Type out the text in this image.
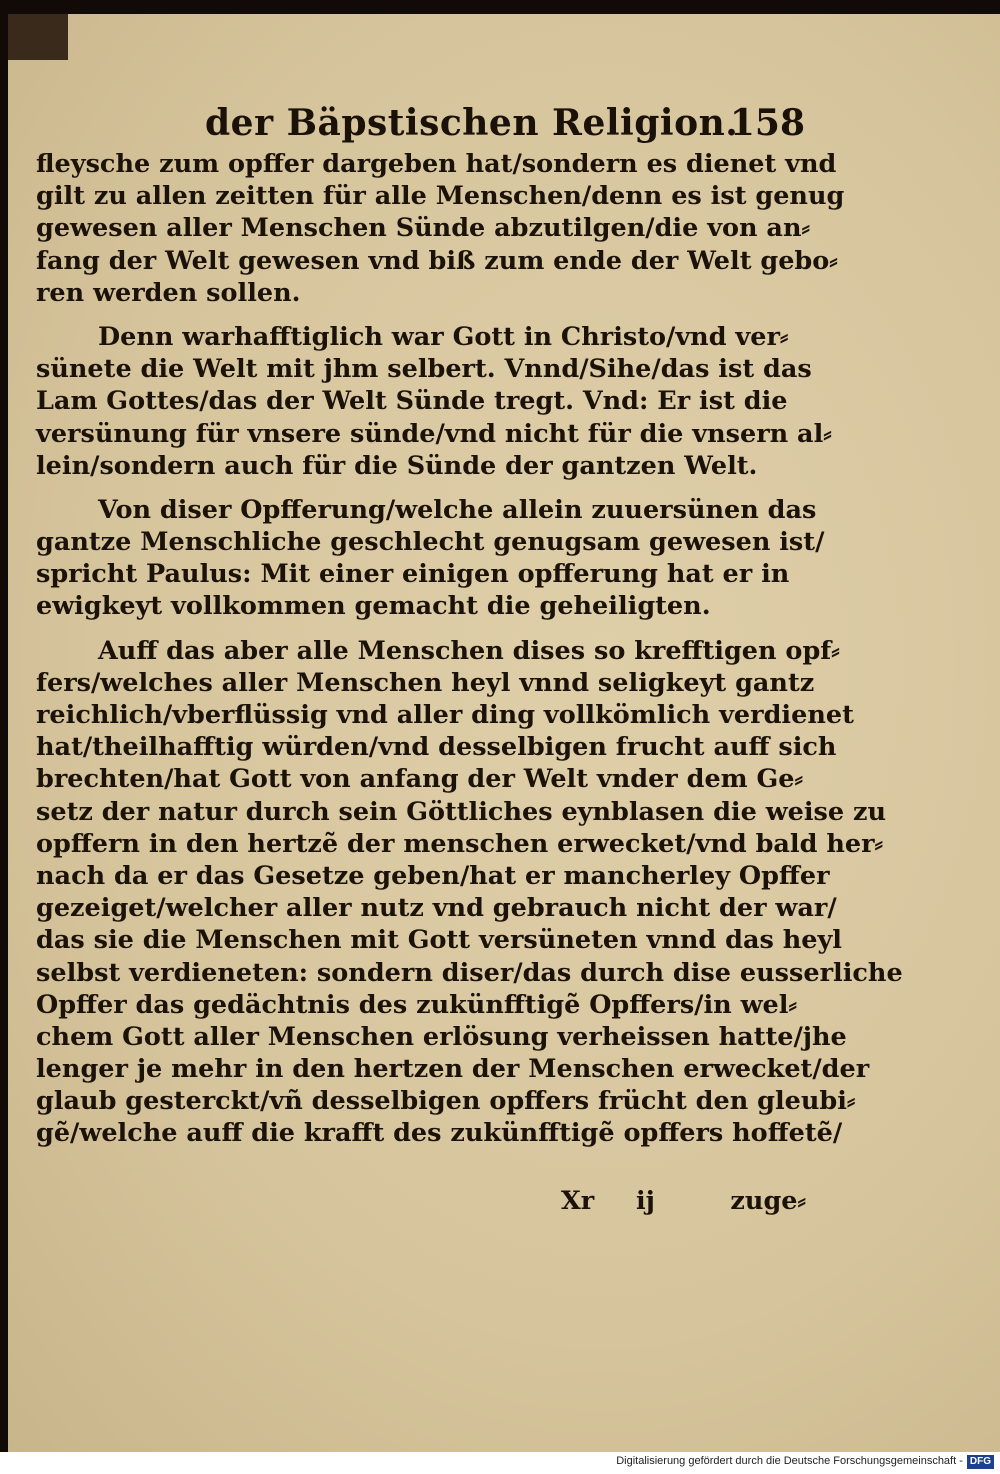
der Bäpstischen Religion.
158
fleysche zum opffer dargeben hat/sondern es dienet vnd
gilt zu allen zeitten für alle Menschen/denn es ist genug
gewesen aller Menschen Sünde abzutilgen/die von an⸗
fang der Welt gewesen vnd biß zum ende der Welt gebo⸗
ren werden sollen.
Denn warhafftiglich war Gott in Christo/vnd ver⸗
sünete die Welt mit jhm selbert. Vnnd/Sihe/das ist das
Lam Gottes/das der Welt Sünde tregt. Vnd: Er ist die
versünung für vnsere sünde/vnd nicht für die vnsern al⸗
lein/sondern auch für die Sünde der gantzen Welt.
Von diser Opfferung/welche allein zuuersünen das
gantze Menschliche geschlecht genugsam gewesen ist/
spricht Paulus: Mit einer einigen opfferung hat er in
ewigkeyt vollkommen gemacht die geheiligten.
Auff das aber alle Menschen dises so krefftigen opf⸗
fers/welches aller Menschen heyl vnnd seligkeyt gantz
reichlich/vberflüssig vnd aller ding vollkömlich verdienet
hat/theilhafftig würden/vnd desselbigen frucht auff sich
brechten/hat Gott von anfang der Welt vnder dem Ge⸗
setz der natur durch sein Göttliches eynblasen die weise zu
opffern in den hertzẽ der menschen erwecket/vnd bald her⸗
nach da er das Gesetze geben/hat er mancherley Opffer
gezeiget/welcher aller nutz vnd gebrauch nicht der war/
das sie die Menschen mit Gott versüneten vnnd das heyl
selbst verdieneten: sondern diser/das durch dise eusserliche
Opffer das gedächtnis des zukünfftigẽ Opffers/in wel⸗
chem Gott aller Menschen erlösung verheissen hatte/jhe
lenger je mehr in den hertzen der Menschen erwecket/der
glaub gesterckt/vñ desselbigen opffers frücht den gleubi⸗
gẽ/welche auff die krafft des zukünfftigẽ opffers hoffetẽ/
Xr ij	zuge⸗
Digitalisierung gefördert durch die Deutsche Forschungsgemeinschaft - DFG
